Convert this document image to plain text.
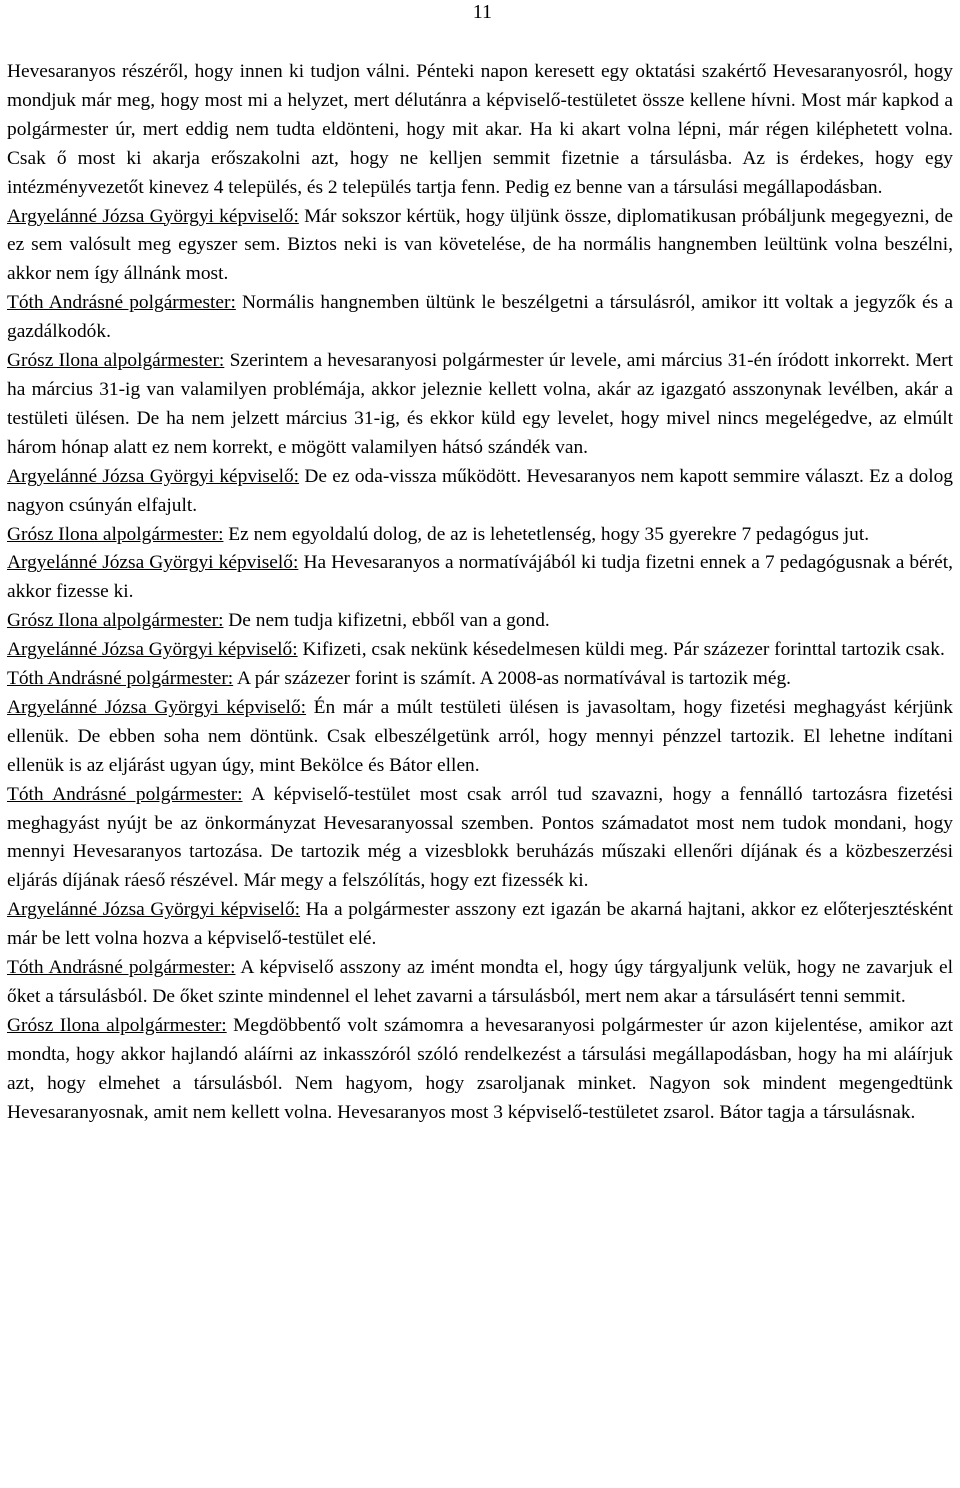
11

Hevesaranyos részéről, hogy innen ki tudjon válni. Pénteki napon keresett egy oktatási szakértő Hevesaranyosról, hogy mondjuk már meg, hogy most mi a helyzet, mert délutánra a képviselő-testületet össze kellene hívni. Most már kapkod a polgármester úr, mert eddig nem tudta eldönteni, hogy mit akar. Ha ki akart volna lépni, már régen kiléphetett volna. Csak ő most ki akarja erőszakolni azt, hogy ne kelljen semmit fizetnie a társulásba. Az is érdekes, hogy egy intézményvezetőt kinevez 4 település, és 2 település tartja fenn. Pedig ez benne van a társulási megállapodásban.

Argyelánné Józsa Györgyi képviselő: Már sokszor kértük, hogy üljünk össze, diplomatikusan próbáljunk megegyezni, de ez sem valósult meg egyszer sem. Biztos neki is van követelése, de ha normális hangnemben leültünk volna beszélni, akkor nem így állnánk most.

Tóth Andrásné polgármester: Normális hangnemben ültünk le beszélgetni a társulásról, amikor itt voltak a jegyzők és a gazdálkodók.

Grósz Ilona alpolgármester: Szerintem a hevesaranyosi polgármester úr levele, ami március 31-én íródott inkorrekt. Mert ha március 31-ig van valamilyen problémája, akkor jeleznie kellett volna, akár az igazgató asszonynak levélben, akár a testületi ülésen. De ha nem jelzett március 31-ig, és ekkor küld egy levelet, hogy mivel nincs megelégedve, az elmúlt három hónap alatt ez nem korrekt, e mögött valamilyen hátsó szándék van.

Argyelánné Józsa Györgyi képviselő: De ez oda-vissza működött. Hevesaranyos nem kapott semmire választ. Ez a dolog nagyon csúnyán elfajult.

Grósz Ilona alpolgármester: Ez nem egyoldalú dolog, de az is lehetetlenség, hogy 35 gyerekre 7 pedagógus jut.

Argyelánné Józsa Györgyi képviselő: Ha Hevesaranyos a normatívájából ki tudja fizetni ennek a 7 pedagógusnak a bérét, akkor fizesse ki.

Grósz Ilona alpolgármester: De nem tudja kifizetni, ebből van a gond.

Argyelánné Józsa Györgyi képviselő: Kifizeti, csak nekünk késedelmesen küldi meg. Pár százezer forinttal tartozik csak.

Tóth Andrásné polgármester: A pár százezer forint is számít. A 2008-as normatívával is tartozik még.

Argyelánné Józsa Györgyi képviselő: Én már a múlt testületi ülésen is javasoltam, hogy fizetési meghagyást kérjünk ellenük. De ebben soha nem döntünk. Csak elbeszélgetünk arról, hogy mennyi pénzzel tartozik. El lehetne indítani ellenük is az eljárást ugyan úgy, mint Bekölce és Bátor ellen.

Tóth Andrásné polgármester: A képviselő-testület most csak arról tud szavazni, hogy a fennálló tartozásra fizetési meghagyást nyújt be az önkormányzat Hevesaranyossal szemben. Pontos számadatot most nem tudok mondani, hogy mennyi Hevesaranyos tartozása. De tartozik még a vizesblokk beruházás műszaki ellenőri díjának és a közbeszerzési eljárás díjának ráeső részével. Már megy a felszólítás, hogy ezt fizessék ki.

Argyelánné Józsa Györgyi képviselő: Ha a polgármester asszony ezt igazán be akarná hajtani, akkor ez előterjesztésként már be lett volna hozva a képviselő-testület elé.

Tóth Andrásné polgármester: A képviselő asszony az imént mondta el, hogy úgy tárgyaljunk velük, hogy ne zavarjuk el őket a társulásból. De őket szinte mindennel el lehet zavarni a társulásból, mert nem akar a társulásért tenni semmit.

Grósz Ilona alpolgármester: Megdöbbentő volt számomra a hevesaranyosi polgármester úr azon kijelentése, amikor azt mondta, hogy akkor hajlandó aláírni az inkasszóról szóló rendelkezést a társulási megállapodásban, hogy ha mi aláírjuk azt, hogy elmehet a társulásból. Nem hagyom, hogy zsaroljanak minket. Nagyon sok mindent megengedtünk Hevesaranyosnak, amit nem kellett volna. Hevesaranyos most 3 képviselő-testületet zsarol. Bátor tagja a társulásnak.
